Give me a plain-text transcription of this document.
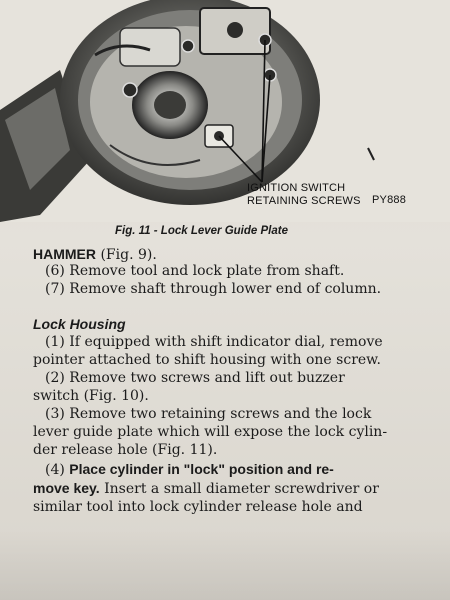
IGNITION SWITCH
RETAINING SCREWS PY888
Fig. 11 - Lock Lever Guide Plate
HAMMER (Fig. 9).
(6) Remove tool and lock plate from shaft.
(7) Remove shaft through lower end of column.
Lock Housing
(1) If equipped with shift indicator dial, remove
pointer attached to shift housing with one screw.
(2) Remove two screws and lift out buzzer
switch (Fig. 10).
(3) Remove two retaining screws and the lock
lever guide plate which will expose the lock cylin-
der release hole (Fig. 11).
(4) Place cylinder in "lock" position and re-
move key. Insert a small diameter screwdriver or
similar tool into lock cylinder release hole and
